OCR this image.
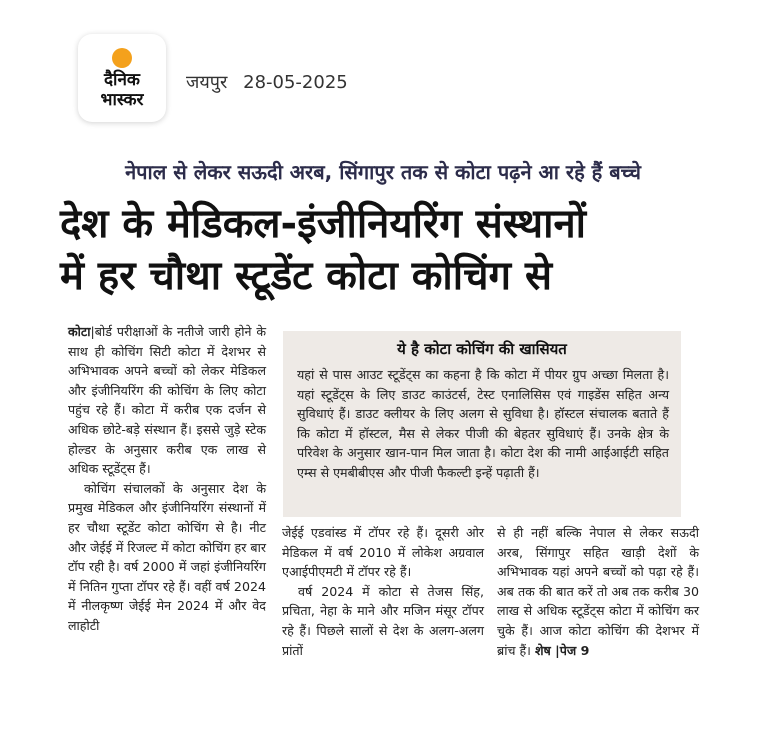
दैनिक
भास्कर
जयपुर 28-05-2025
नेपाल से लेकर सऊदी अरब, सिंगापुर तक से कोटा पढ़ने आ रहे हैं बच्चे
देश के मेडिकल-इंजीनियरिंग संस्थानों
में हर चौथा स्टूडेंट कोटा कोचिंग से

कोटा|बोर्ड परीक्षाओं के नतीजे जारी होने के साथ ही कोचिंग सिटी कोटा में देशभर से अभिभावक अपने बच्चों को लेकर मेडिकल और इंजीनियरिंग की कोचिंग के लिए कोटा पहुंच रहे हैं। कोटा में करीब एक दर्जन से अधिक छोटे-बड़े संस्थान हैं। इससे जुड़े स्टेक होल्डर के अनुसार करीब एक लाख से अधिक स्टूडेंट्स हैं।

कोचिंग संचालकों के अनुसार देश के प्रमुख मेडिकल और इंजीनियरिंग संस्थानों में हर चौथा स्टूडेंट कोटा कोचिंग से है। नीट और जेईई में रिजल्ट में कोटा कोचिंग हर बार टॉप रही है। वर्ष 2000 में जहां इंजीनियरिंग में नितिन गुप्ता टॉपर रहे हैं। वहीं वर्ष 2024 में नीलकृष्ण जेईई मेन 2024 में और वेद लाहोटी

ये है कोटा कोचिंग की खासियत
यहां से पास आउट स्टूडेंट्स का कहना है कि कोटा में पीयर ग्रुप अच्छा मिलता है। यहां स्टूडेंट्स के लिए डाउट काउंटर्स, टेस्ट एनालिसिस एवं गाइडेंस सहित अन्य सुविधाएं हैं। डाउट क्लीयर के लिए अलग से सुविधा है। हॉस्टल संचालक बताते हैं कि कोटा में हॉस्टल, मैस से लेकर पीजी की बेहतर सुविधाएं हैं। उनके क्षेत्र के परिवेश के अनुसार खान-पान मिल जाता है। कोटा देश की नामी आईआईटी सहित एम्स से एमबीबीएस और पीजी फैकल्टी इन्हें पढ़ाती हैं।

जेईई एडवांस्ड में टॉपर रहे हैं। दूसरी ओर मेडिकल में वर्ष 2010 में लोकेश अग्रवाल एआईपीएमटी में टॉपर रहे हैं।

वर्ष 2024 में कोटा से तेजस सिंह, प्रचिता, नेहा के माने और मजिन मंसूर टॉपर रहे हैं। पिछले सालों से देश के अलग-अलग प्रांतों

से ही नहीं बल्कि नेपाल से लेकर सऊदी अरब, सिंगापुर सहित खाड़ी देशों के अभिभावक यहां अपने बच्चों को पढ़ा रहे हैं। अब तक की बात करें तो अब तक करीब 30 लाख से अधिक स्टूडेंट्स कोटा में कोचिंग कर चुके हैं। आज कोटा कोचिंग की देशभर में ब्रांच हैं। शेष |पेज 9
